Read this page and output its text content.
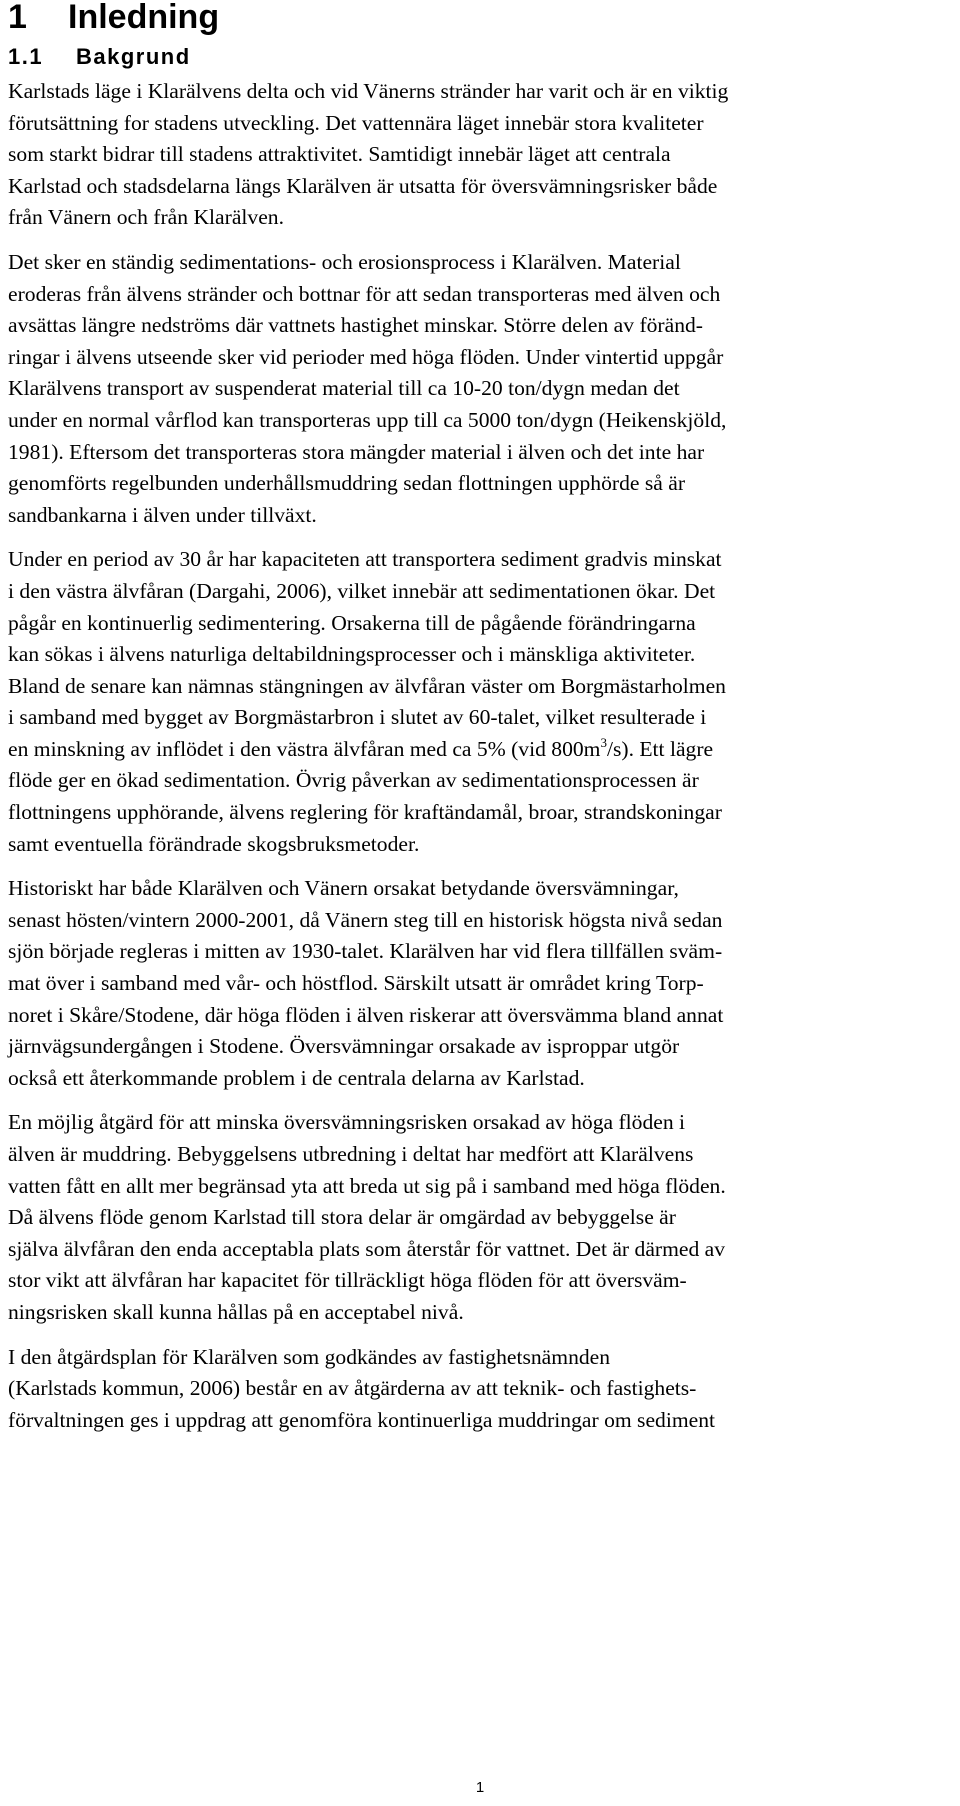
1 Inledning
1.1 Bakgrund
Karlstads läge i Klarälvens delta och vid Vänerns stränder har varit och är en viktig
förutsättning for stadens utveckling. Det vattennära läget innebär stora kvaliteter
som starkt bidrar till stadens attraktivitet. Samtidigt innebär läget att centrala
Karlstad och stadsdelarna längs Klarälven är utsatta för översvämningsrisker både
från Vänern och från Klarälven.
Det sker en ständig sedimentations- och erosionsprocess i Klarälven. Material
eroderas från älvens stränder och bottnar för att sedan transporteras med älven och
avsättas längre nedströms där vattnets hastighet minskar. Större delen av föränd-
ringar i älvens utseende sker vid perioder med höga flöden. Under vintertid uppgår
Klarälvens transport av suspenderat material till ca 10-20 ton/dygn medan det
under en normal vårflod kan transporteras upp till ca 5000 ton/dygn (Heikenskjöld,
1981). Eftersom det transporteras stora mängder material i älven och det inte har
genomförts regelbunden underhållsmuddring sedan flottningen upphörde så är
sandbankarna i älven under tillväxt.
Under en period av 30 år har kapaciteten att transportera sediment gradvis minskat
i den västra älvfåran (Dargahi, 2006), vilket innebär att sedimentationen ökar. Det
pågår en kontinuerlig sedimentering. Orsakerna till de pågående förändringarna
kan sökas i älvens naturliga deltabildningsprocesser och i mänskliga aktiviteter.
Bland de senare kan nämnas stängningen av älvfåran väster om Borgmästarholmen
i samband med bygget av Borgmästarbron i slutet av 60-talet, vilket resulterade i
en minskning av inflödet i den västra älvfåran med ca 5% (vid $800m^3/s$). Ett lägre
flöde ger en ökad sedimentation. Övrig påverkan av sedimentationsprocessen är
flottningens upphörande, älvens reglering för kraftändamål, broar, strandskoningar
samt eventuella förändrade skogsbruksmetoder.
Historiskt har både Klarälven och Vänern orsakat betydande översvämningar,
senast hösten/vintern 2000-2001, då Vänern steg till en historisk högsta nivå sedan
sjön började regleras i mitten av 1930-talet. Klarälven har vid flera tillfällen sväm-
mat över i samband med vår- och höstflod. Särskilt utsatt är området kring Torp-
noret i Skåre/Stodene, där höga flöden i älven riskerar att översvämma bland annat
järnvägsundergången i Stodene. Översvämningar orsakade av isproppar utgör
också ett återkommande problem i de centrala delarna av Karlstad.
En möjlig åtgärd för att minska översvämningsrisken orsakad av höga flöden i
älven är muddring. Bebyggelsens utbredning i deltat har medfört att Klarälvens
vatten fått en allt mer begränsad yta att breda ut sig på i samband med höga flöden.
Då älvens flöde genom Karlstad till stora delar är omgärdad av bebyggelse är
själva älvfåran den enda acceptabla plats som återstår för vattnet. Det är därmed av
stor vikt att älvfåran har kapacitet för tillräckligt höga flöden för att översväm-
ningsrisken skall kunna hållas på en acceptabel nivå.
I den åtgärdsplan för Klarälven som godkändes av fastighetsnämnden
(Karlstads kommun, 2006) består en av åtgärderna av att teknik- och fastighets-
förvaltningen ges i uppdrag att genomföra kontinuerliga muddringar om sediment
1
